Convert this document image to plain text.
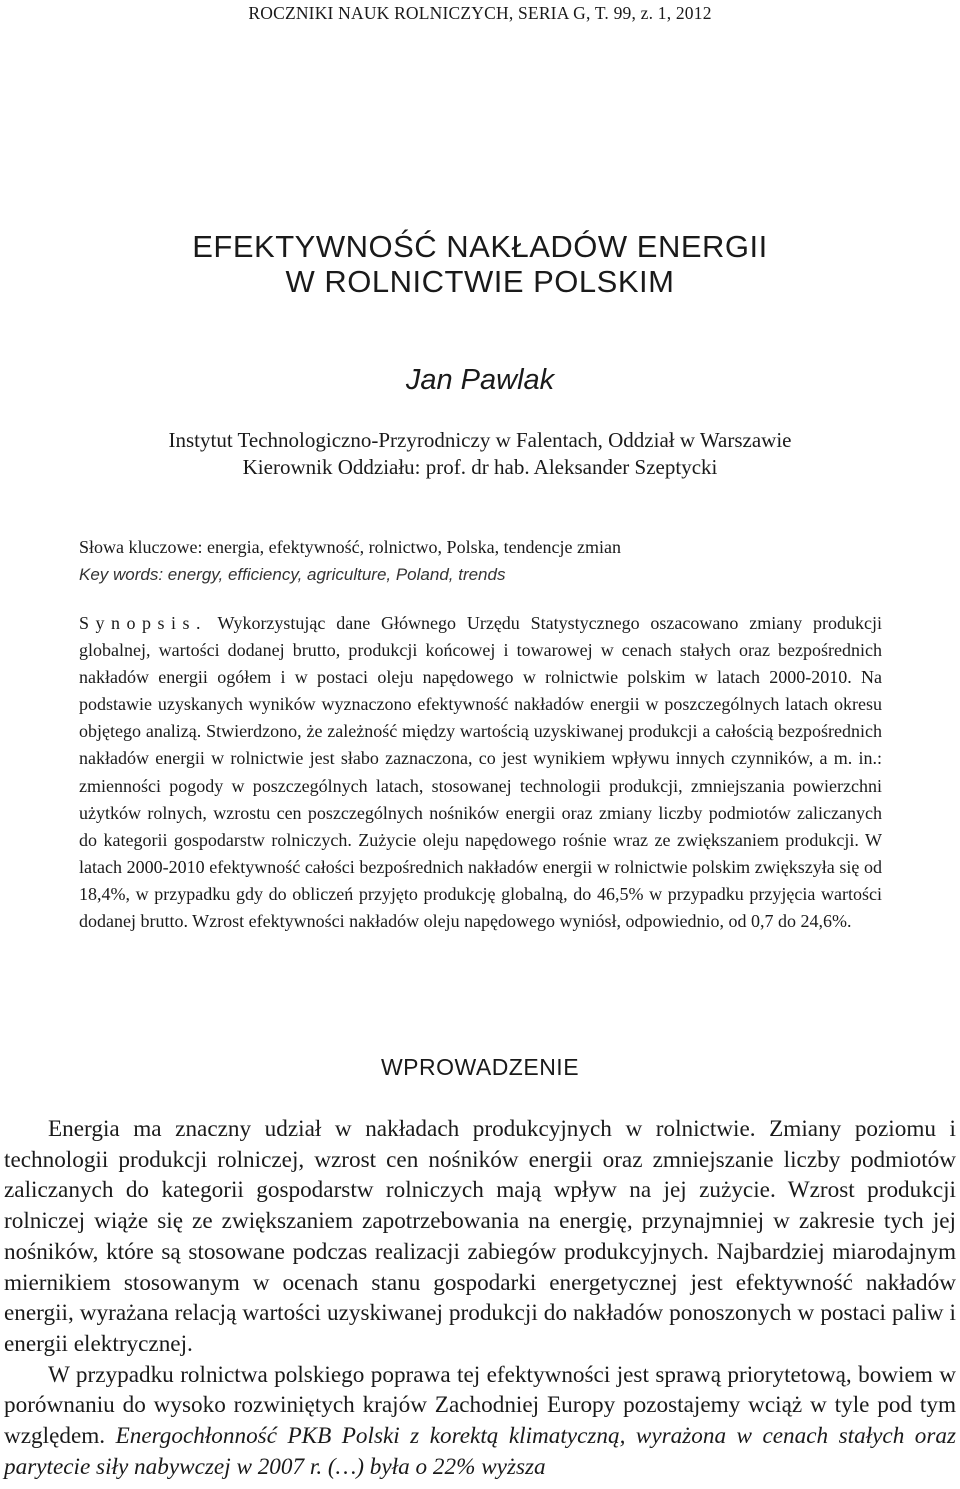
ROCZNIKI NAUK ROLNICZYCH, SERIA G, T. 99, z. 1, 2012
EFEKTYWNOŚĆ NAKŁADÓW ENERGII
W ROLNICTWIE POLSKIM
Jan Pawlak
Instytut Technologiczno-Przyrodniczy w Falentach, Oddział w Warszawie
Kierownik Oddziału: prof. dr hab. Aleksander Szeptycki
Słowa kluczowe: energia, efektywność, rolnictwo, Polska, tendencje zmian
Key words: energy, efficiency, agriculture, Poland, trends
Synopsis. Wykorzystując dane Głównego Urzędu Statystycznego oszacowano zmiany produkcji globalnej, wartości dodanej brutto, produkcji końcowej i towarowej w cenach stałych oraz bezpośrednich nakładów energii ogółem i w postaci oleju napędowego w rolnictwie polskim w latach 2000-2010. Na podstawie uzyskanych wyników wyznaczono efektywność nakładów energii w poszczególnych latach okresu objętego analizą. Stwierdzono, że zależność między wartością uzyskiwanej produkcji a całością bezpośrednich nakładów energii w rolnictwie jest słabo zaznaczona, co jest wynikiem wpływu innych czynników, a m. in.: zmienności pogody w poszczególnych latach, stosowanej technologii produkcji, zmniejszania powierzchni użytków rolnych, wzrostu cen poszczególnych nośników energii oraz zmiany liczby podmiotów zaliczanych do kategorii gospodarstw rolniczych. Zużycie oleju napędowego rośnie wraz ze zwiększaniem produkcji. W latach 2000-2010 efektywność całości bezpośrednich nakładów energii w rolnictwie polskim zwiększyła się od 18,4%, w przypadku gdy do obliczeń przyjęto produkcję globalną, do 46,5% w przypadku przyjęcia wartości dodanej brutto. Wzrost efektywności nakładów oleju napędowego wyniósł, odpowiednio, od 0,7 do 24,6%.
WPROWADZENIE

Energia ma znaczny udział w nakładach produkcyjnych w rolnictwie. Zmiany poziomu i technologii produkcji rolniczej, wzrost cen nośników energii oraz zmniejszanie liczby podmiotów zaliczanych do kategorii gospodarstw rolniczych mają wpływ na jej zużycie. Wzrost produkcji rolniczej wiąże się ze zwiększaniem zapotrzebowania na energię, przynajmniej w zakresie tych jej nośników, które są stosowane podczas realizacji zabiegów produkcyjnych. Najbardziej miarodajnym miernikiem stosowanym w ocenach stanu gospodarki energetycznej jest efektywność nakładów energii, wyrażana relacją wartości uzyskiwanej produkcji do nakładów ponoszonych w postaci paliw i energii elektrycznej.

W przypadku rolnictwa polskiego poprawa tej efektywności jest sprawą priorytetową, bowiem w porównaniu do wysoko rozwiniętych krajów Zachodniej Europy pozostajemy wciąż w tyle pod tym względem. Energochłonność PKB Polski z korektą klimatyczną, wyrażona w cenach stałych oraz parytecie siły nabywczej w 2007 r. (…) była o 22% wyższa
